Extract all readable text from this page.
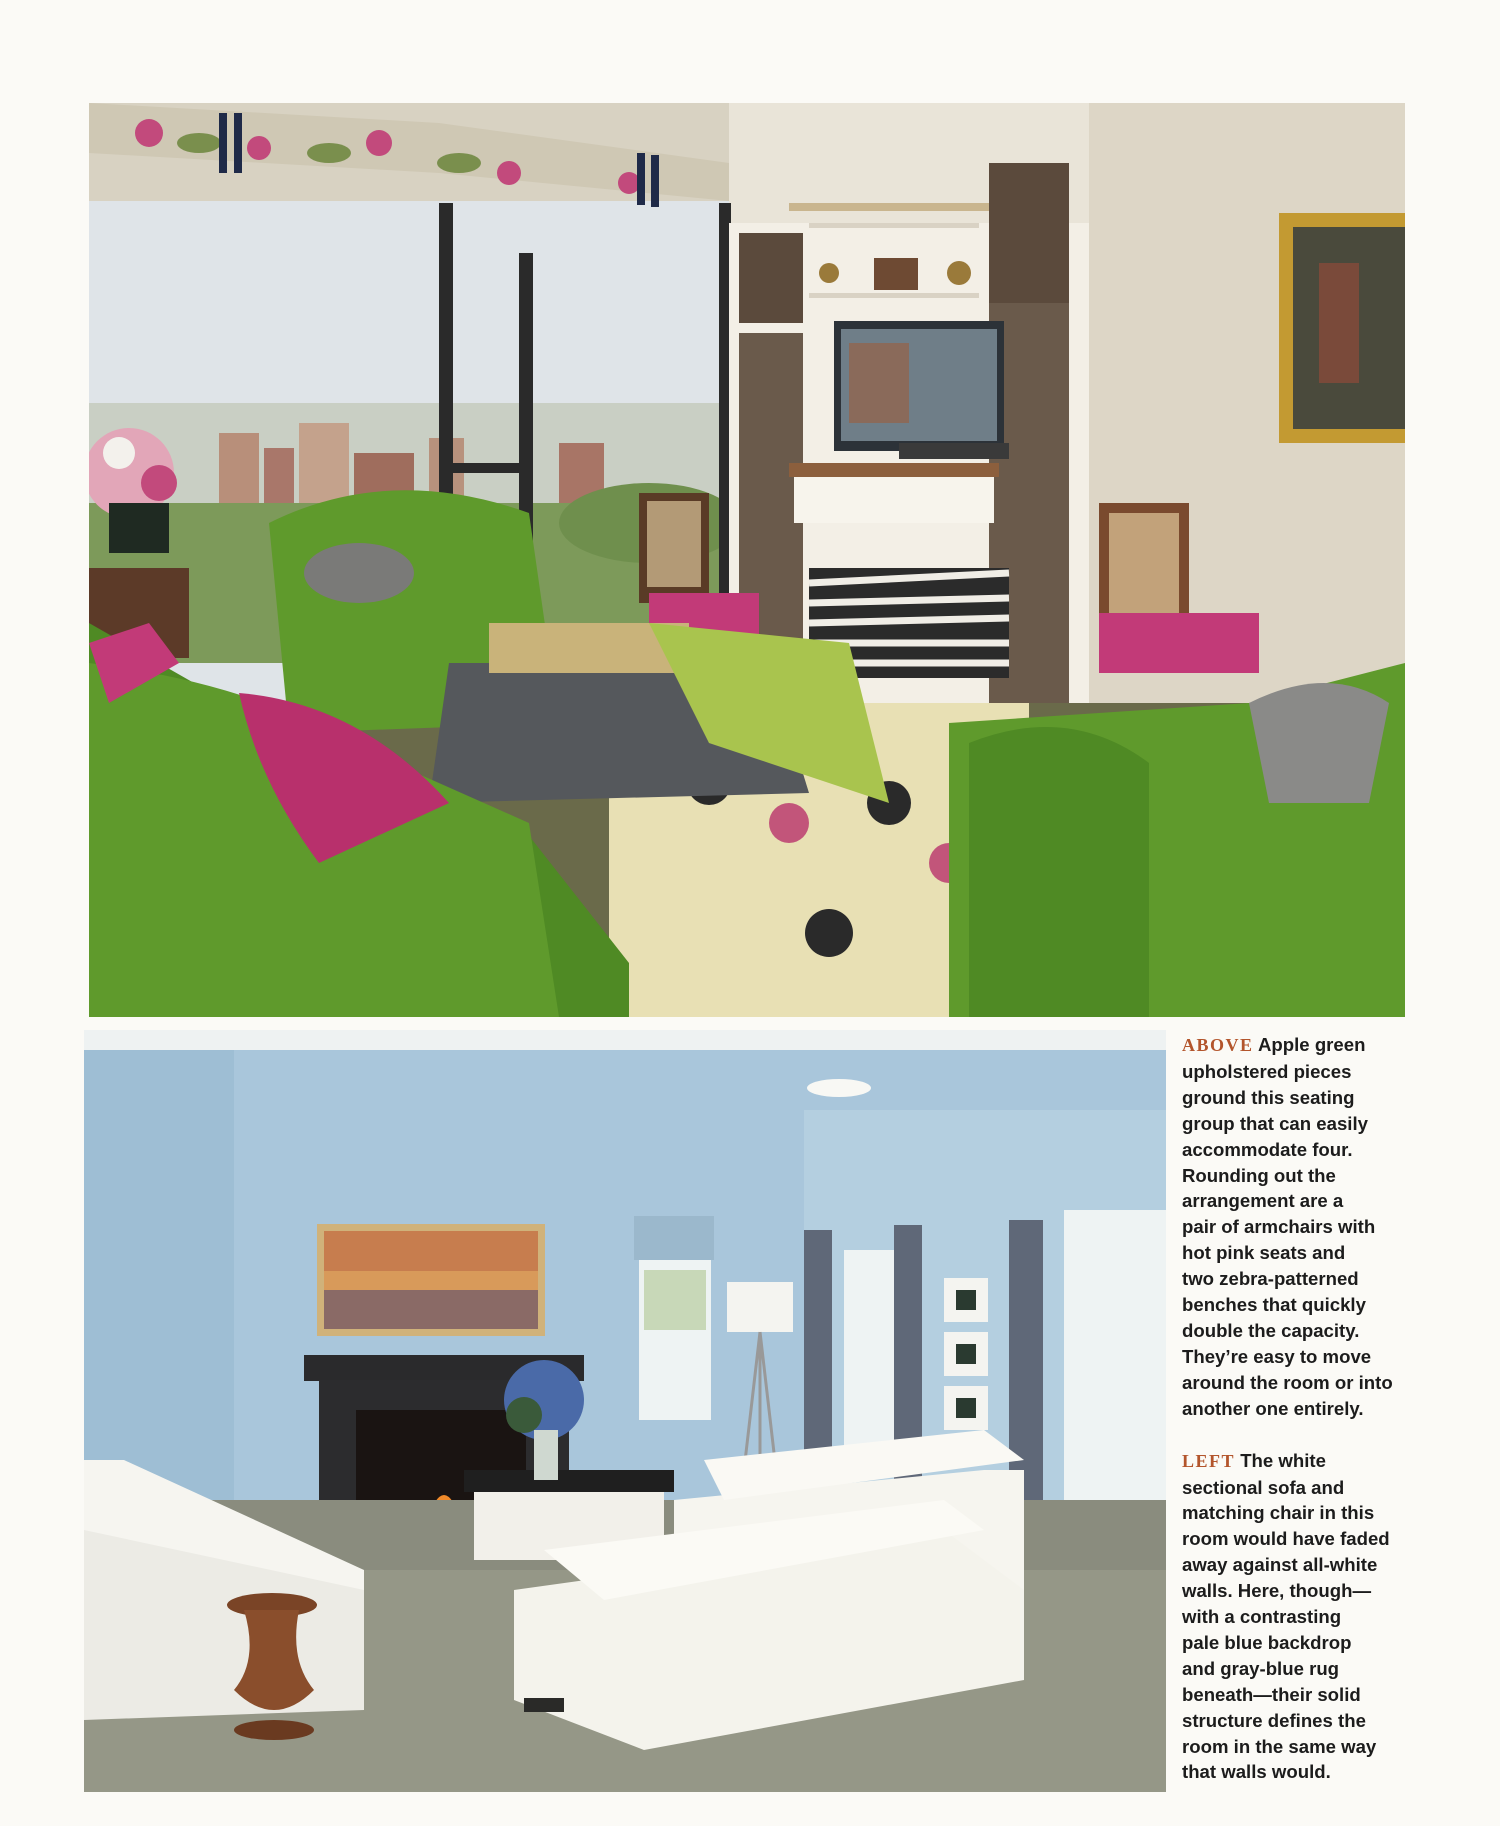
ABOVE Apple green
upholstered pieces
ground this seating
group that can easily
accommodate four.
Rounding out the
arrangement are a
pair of armchairs with
hot pink seats and
two zebra-patterned
benches that quickly
double the capacity.
They’re easy to move
around the room or into
another one entirely.

LEFT The white
sectional sofa and
matching chair in this
room would have faded
away against all-white
walls. Here, though—
with a contrasting
pale blue backdrop
and gray-blue rug
beneath—their solid
structure defines the
room in the same way
that walls would.
